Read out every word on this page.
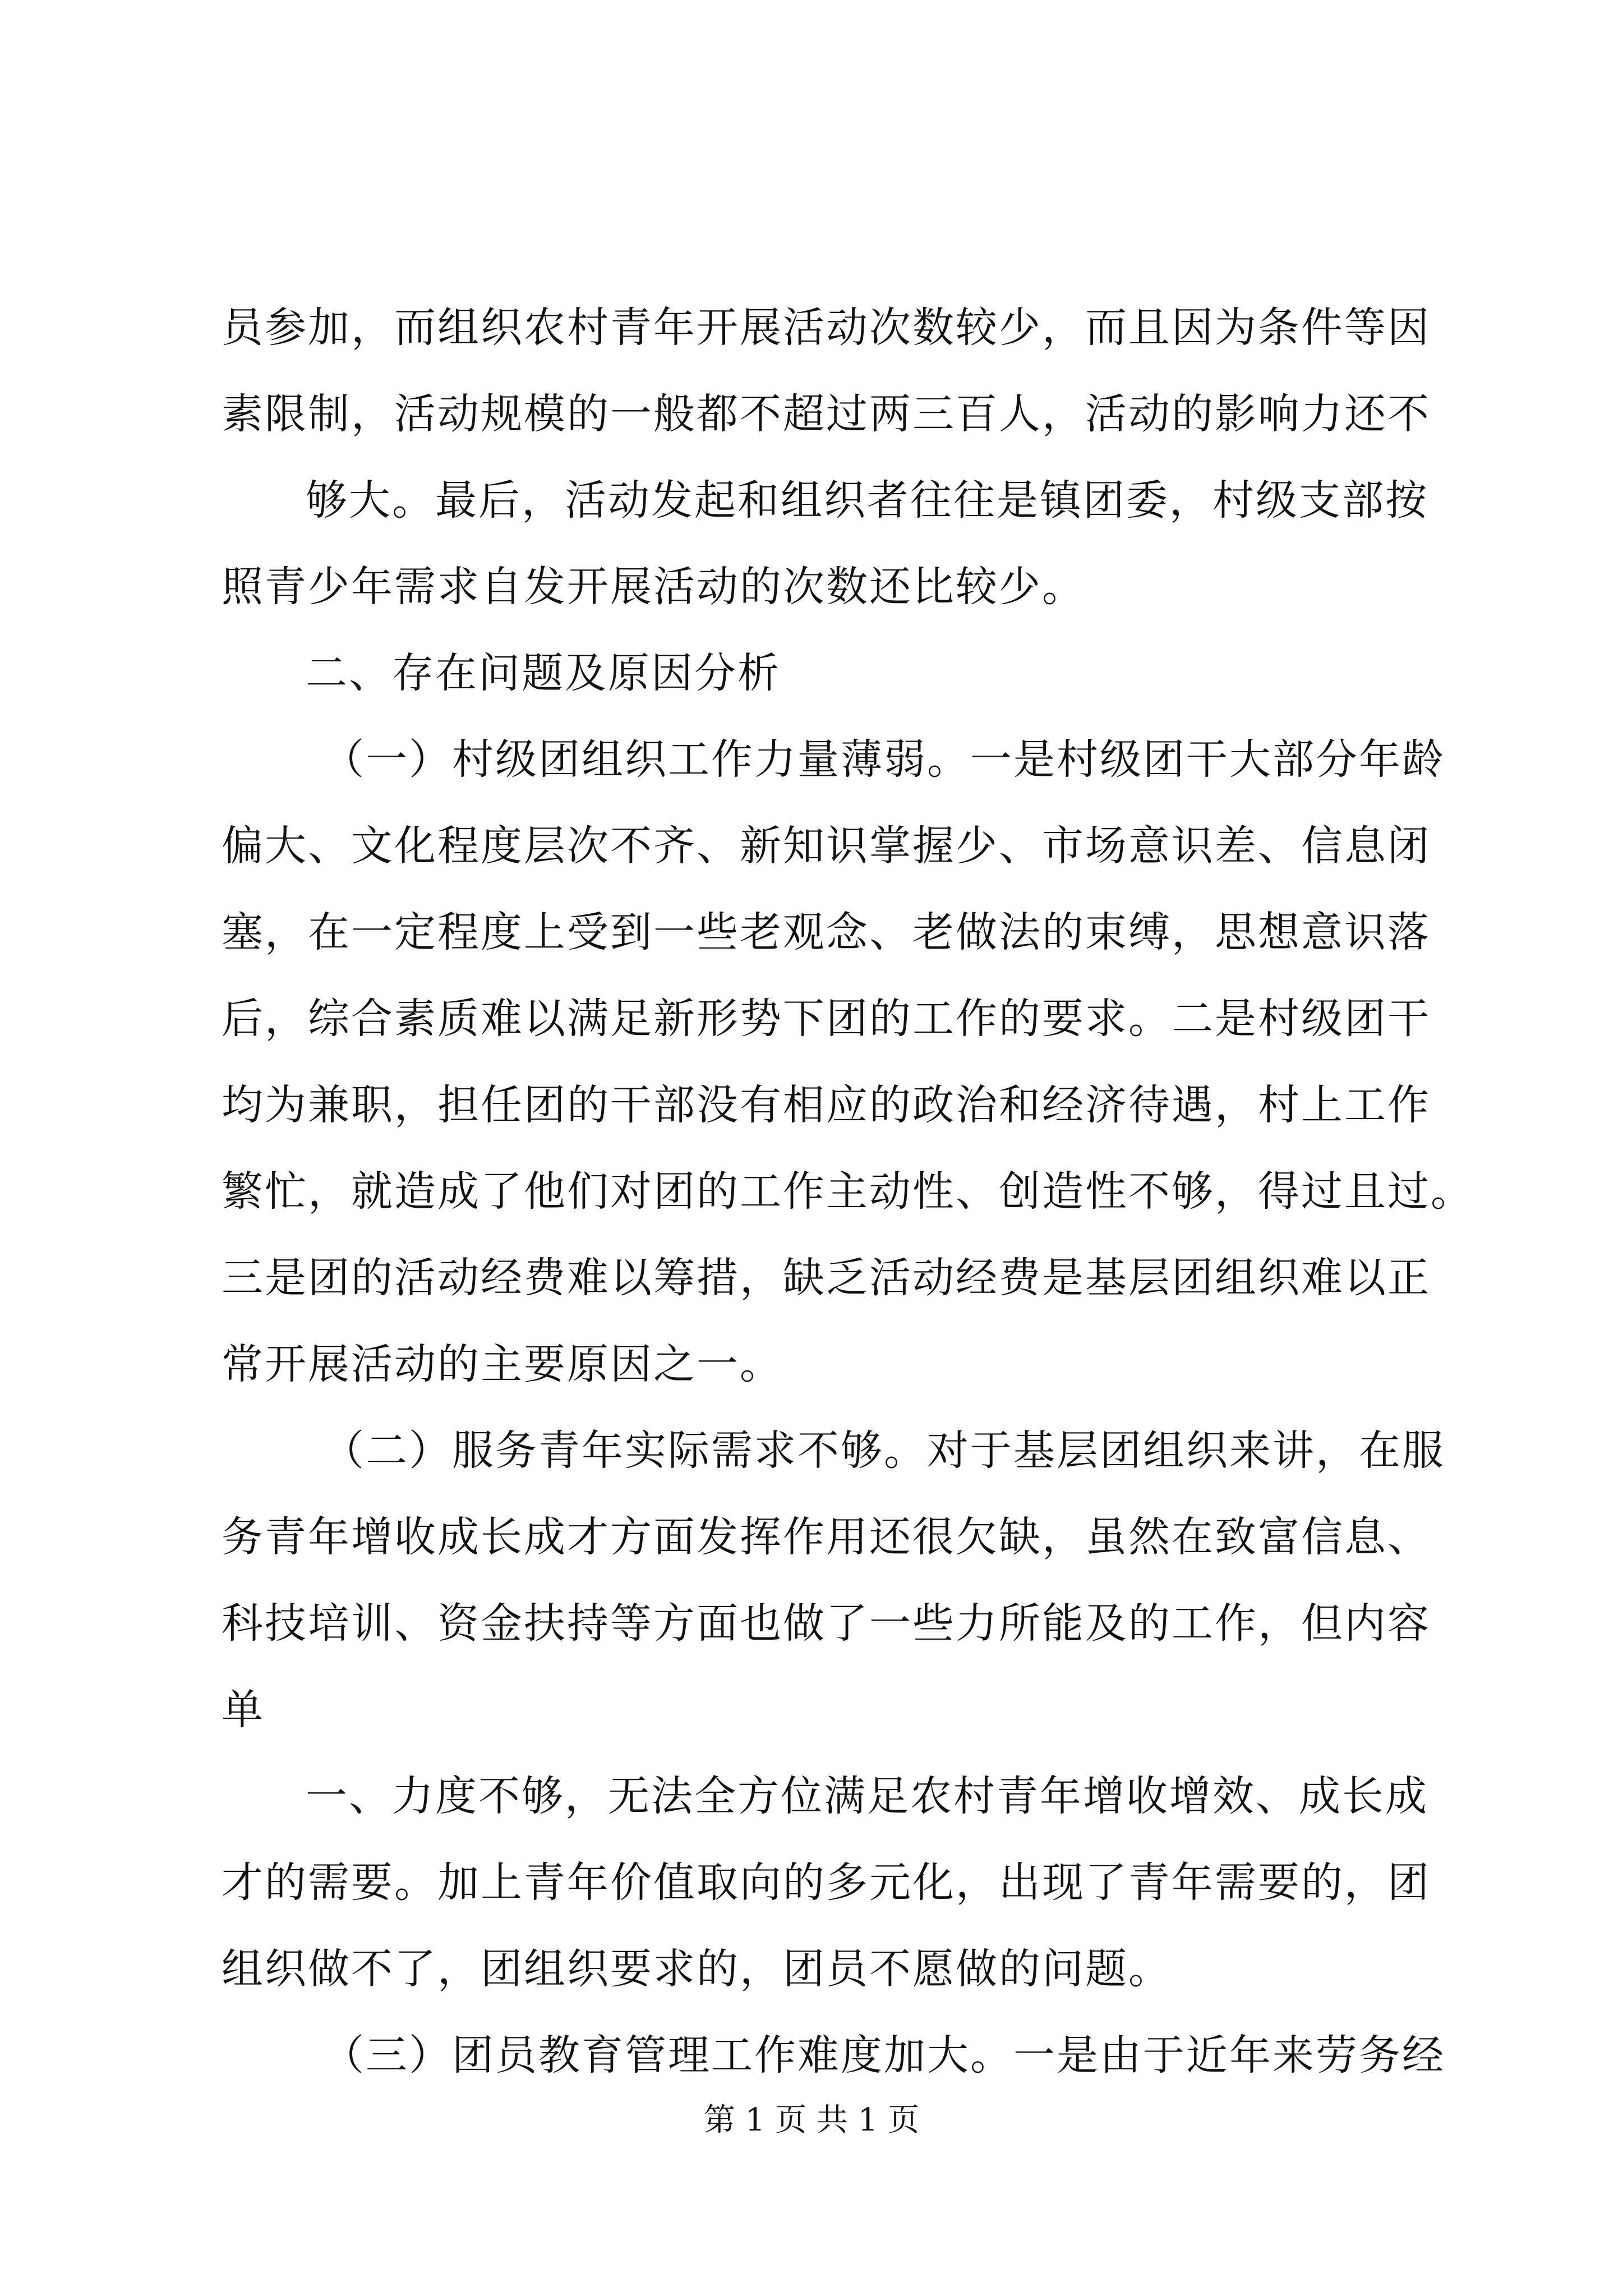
员参加，而组织农村青年开展活动次数较少，而且因为条件等因
素限制，活动规模的一般都不超过两三百人，活动的影响力还不
够大。最后，活动发起和组织者往往是镇团委，村级支部按
照青少年需求自发开展活动的次数还比较少。
二、存在问题及原因分析
（一）村级团组织工作力量薄弱。一是村级团干大部分年龄
偏大、文化程度层次不齐、新知识掌握少、市场意识差、信息闭
塞，在一定程度上受到一些老观念、老做法的束缚，思想意识落
后，综合素质难以满足新形势下团的工作的要求。二是村级团干
均为兼职，担任团的干部没有相应的政治和经济待遇，村上工作
繁忙，就造成了他们对团的工作主动性、创造性不够，得过且过。
三是团的活动经费难以筹措，缺乏活动经费是基层团组织难以正
常开展活动的主要原因之一。
（二）服务青年实际需求不够。对于基层团组织来讲，在服
务青年增收成长成才方面发挥作用还很欠缺，虽然在致富信息、
科技培训、资金扶持等方面也做了一些力所能及的工作，但内容
单
一、力度不够，无法全方位满足农村青年增收增效、成长成
才的需要。加上青年价值取向的多元化，出现了青年需要的，团
组织做不了，团组织要求的，团员不愿做的问题。
（三）团员教育管理工作难度加大。一是由于近年来劳务经
第 1 页 共 1 页
